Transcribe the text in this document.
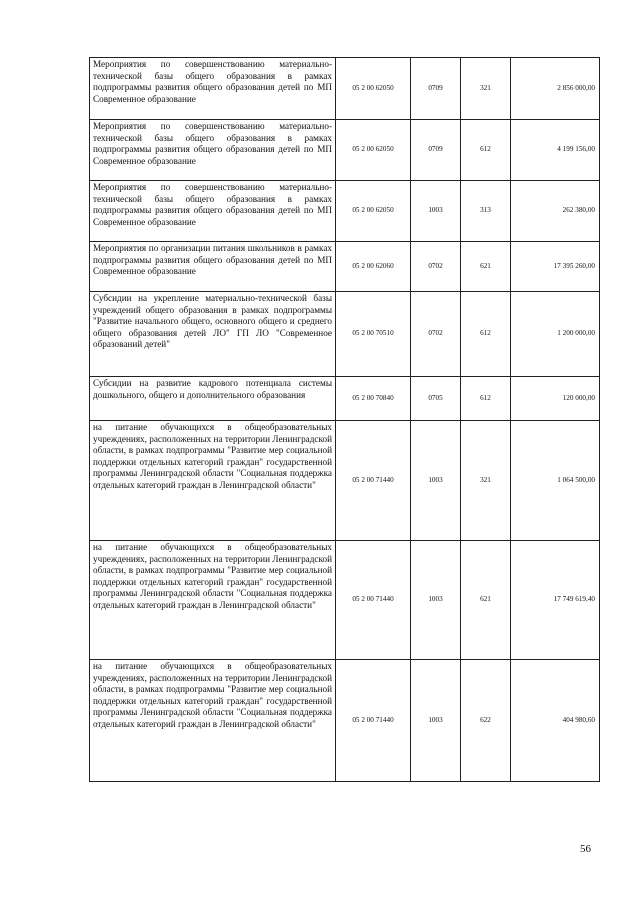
Мероприятия по совершенствованию материально-технической базы общего образования в рамках подпрограммы развития общего образования детей по МП Современное образование	05 2 00 62050	0709	321	2 856 000,00
Мероприятия по совершенствованию материально-технической базы общего образования в рамках подпрограммы развития общего образования детей по МП Современное образование	05 2 00 62050	0709	612	4 199 156,00
Мероприятия по совершенствованию материально-технической базы общего образования в рамках подпрограммы развития общего образования детей по МП Современное образование	05 2 00 62050	1003	313	262 380,00
Мероприятия по организации питания школьников в рамках подпрограммы развития общего образования детей по МП Современное образование	05 2 00 62060	0702	621	17 395 260,00
Субсидии на укрепление материально-технической базы учреждений общего образования в рамках подпрограммы "Развитие начального общего, основного общего и среднего общего образования детей ЛО" ГП ЛО "Современное образований детей"	05 2 00 70510	0702	612	1 200 000,00
Субсидии на развитие кадрового потенциала системы дошкольного, общего и дополнительного образования	05 2 00 70840	0705	612	120 000,00
на питание обучающихся в общеобразовательных учреждениях, расположенных на территории Ленинградской области, в рамках подпрограммы "Развитие мер социальной поддержки отдельных категорий граждан" государственной программы Ленинградской области "Социальная поддержка отдельных категорий граждан в Ленинградской области"	05 2 00 71440	1003	321	1 064 500,00
на питание обучающихся в общеобразовательных учреждениях, расположенных на территории Ленинградской области, в рамках подпрограммы "Развитие мер социальной поддержки отдельных категорий граждан" государственной программы Ленинградской области "Социальная поддержка отдельных категорий граждан в Ленинградской области"	05 2 00 71440	1003	621	17 749 619,40
на питание обучающихся в общеобразовательных учреждениях, расположенных на территории Ленинградской области, в рамках подпрограммы "Развитие мер социальной поддержки отдельных категорий граждан" государственной программы Ленинградской области "Социальная поддержка отдельных категорий граждан в Ленинградской области"	05 2 00 71440	1003	622	404 980,60
56
